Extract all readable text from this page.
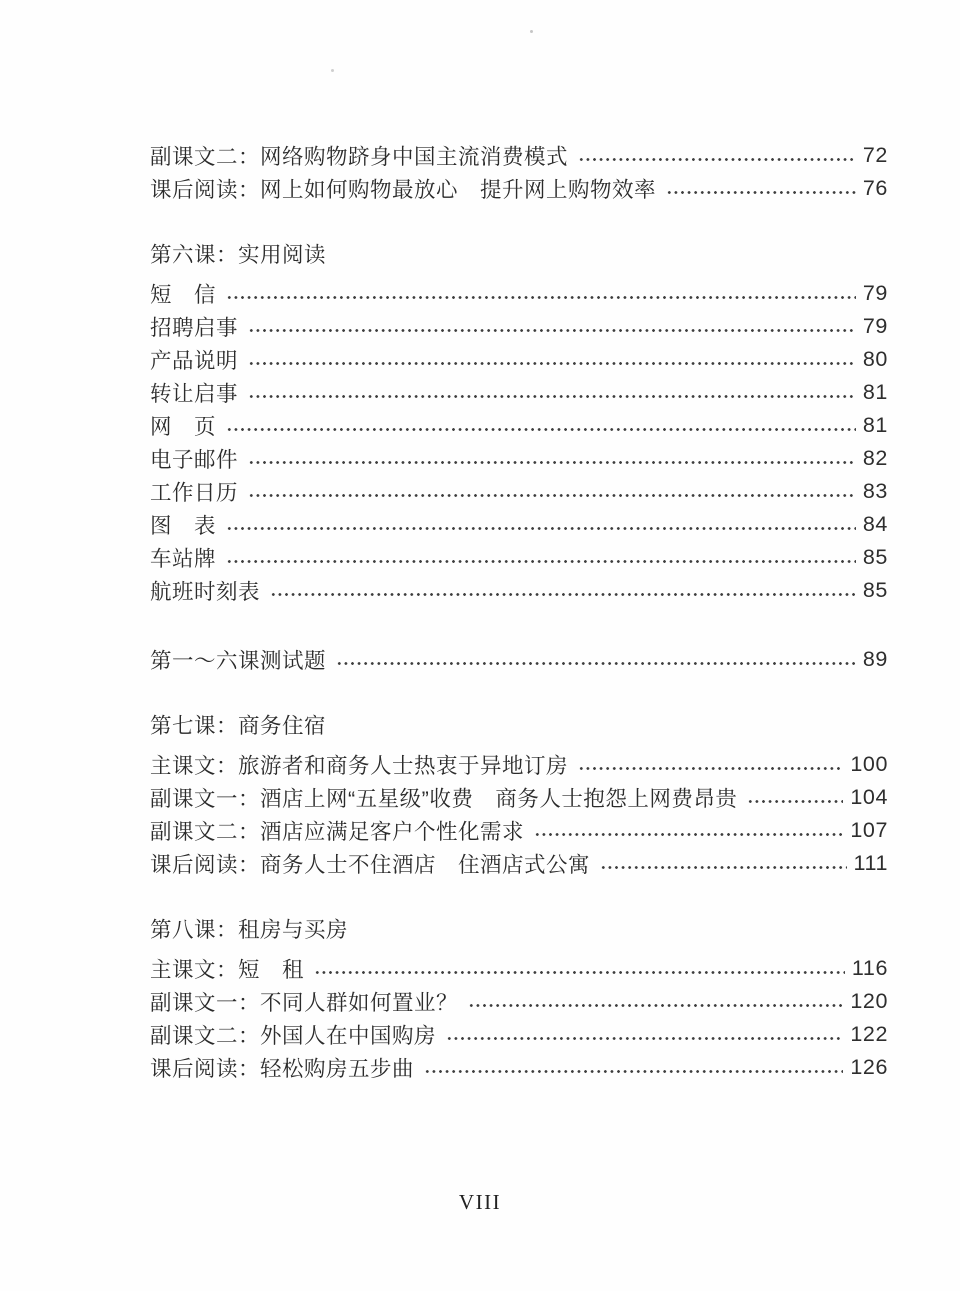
副课文二：网络购物跻身中国主流消费模式	72
课后阅读：网上如何购物最放心　提升网上购物效率	76
第六课：实用阅读
短　信	79
招聘启事	79
产品说明	80
转让启事	81
网　页	81
电子邮件	82
工作日历	83
图　表	84
车站牌	85
航班时刻表	85
第一～六课测试题	89
第七课：商务住宿
主课文：旅游者和商务人士热衷于异地订房	100
副课文一：酒店上网“五星级”收费　商务人士抱怨上网费昂贵	104
副课文二：酒店应满足客户个性化需求	107
课后阅读：商务人士不住酒店　住酒店式公寓	111
第八课：租房与买房
主课文：短　租	116
副课文一：不同人群如何置业？	120
副课文二：外国人在中国购房	122
课后阅读：轻松购房五步曲	126
VIII
